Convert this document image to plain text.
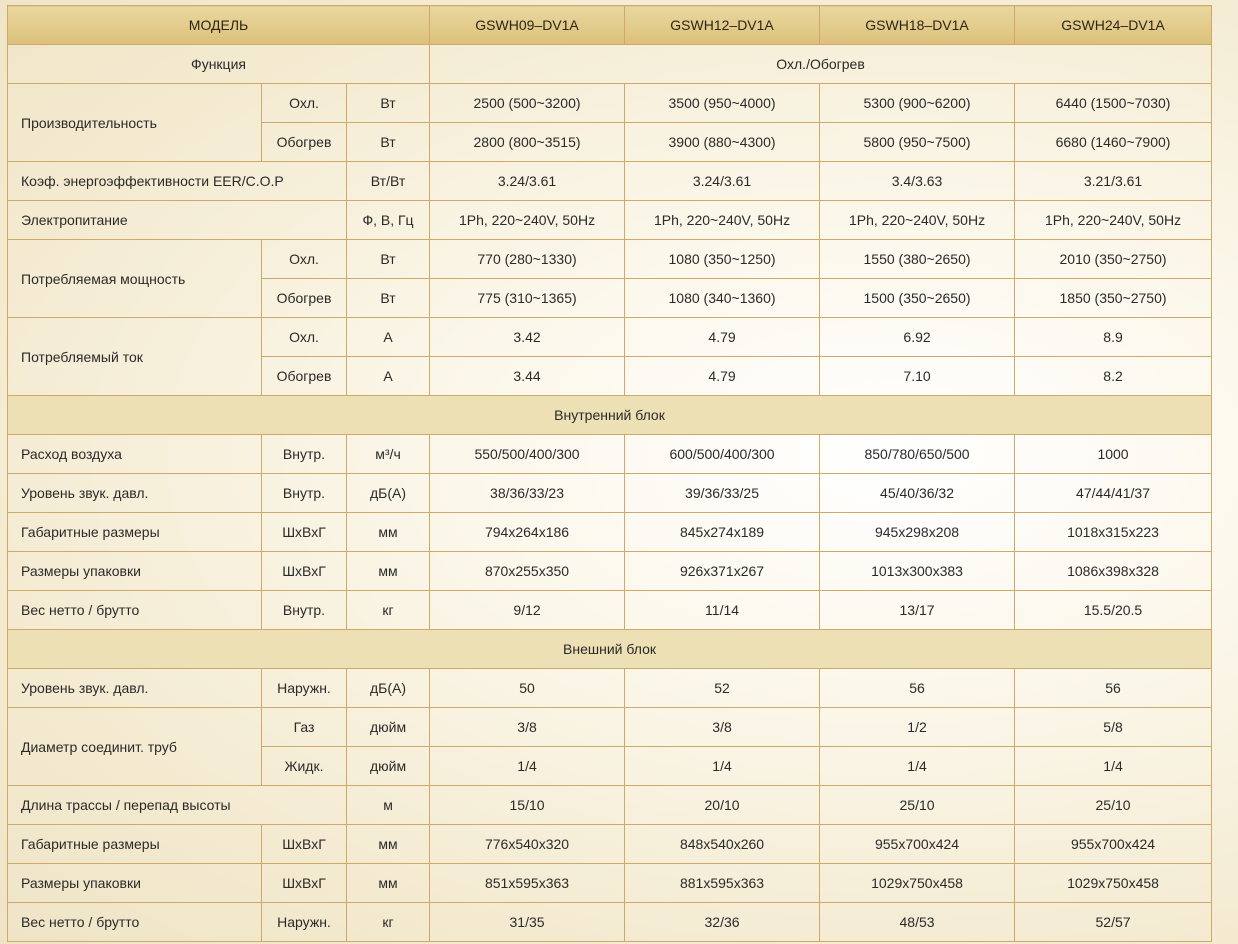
МОДЕЛЬ			GSWH09–DV1A	GSWH12–DV1A	GSWH18–DV1A	GSWH24–DV1A
Функция			Охл./Обогрев			
Производительность	Охл.	Вт	2500 (500~3200)	3500 (950~4000)	5300 (900~6200)	6440 (1500~7030)
	Обогрев	Вт	2800 (800~3515)	3900 (880~4300)	5800 (950~7500)	6680 (1460~7900)
Коэф. энергоэффективности EER/C.O.P		Вт/Вт	3.24/3.61	3.24/3.61	3.4/3.63	3.21/3.61
Электропитание		Ф, В, Гц	1Ph, 220~240V, 50Hz	1Ph, 220~240V, 50Hz	1Ph, 220~240V, 50Hz	1Ph, 220~240V, 50Hz
Потребляемая мощность	Охл.	Вт	770 (280~1330)	1080 (350~1250)	1550 (380~2650)	2010 (350~2750)
	Обогрев	Вт	775 (310~1365)	1080 (340~1360)	1500 (350~2650)	1850 (350~2750)
Потребляемый ток	Охл.	А	3.42	4.79	6.92	8.9
	Обогрев	А	3.44	4.79	7.10	8.2
Внутренний блок						
Расход воздуха	Внутр.	м³/ч	550/500/400/300	600/500/400/300	850/780/650/500	1000
Уровень звук. давл.	Внутр.	дБ(А)	38/36/33/23	39/36/33/25	45/40/36/32	47/44/41/37
Габаритные размеры	ШхВхГ	мм	794x264x186	845x274x189	945x298x208	1018x315x223
Размеры упаковки	ШхВхГ	мм	870x255x350	926x371x267	1013x300x383	1086x398x328
Вес нетто / брутто	Внутр.	кг	9/12	11/14	13/17	15.5/20.5
Внешний блок						
Уровень звук. давл.	Наружн.	дБ(А)	50	52	56	56
Диаметр соединит. труб	Газ	дюйм	3/8	3/8	1/2	5/8
	Жидк.	дюйм	1/4	1/4	1/4	1/4
Длина трассы / перепад высоты		м	15/10	20/10	25/10	25/10
Габаритные размеры	ШхВхГ	мм	776x540x320	848x540x260	955x700x424	955x700x424
Размеры упаковки	ШхВхГ	мм	851x595x363	881x595x363	1029x750x458	1029x750x458
Вес нетто / брутто	Наружн.	кг	31/35	32/36	48/53	52/57
